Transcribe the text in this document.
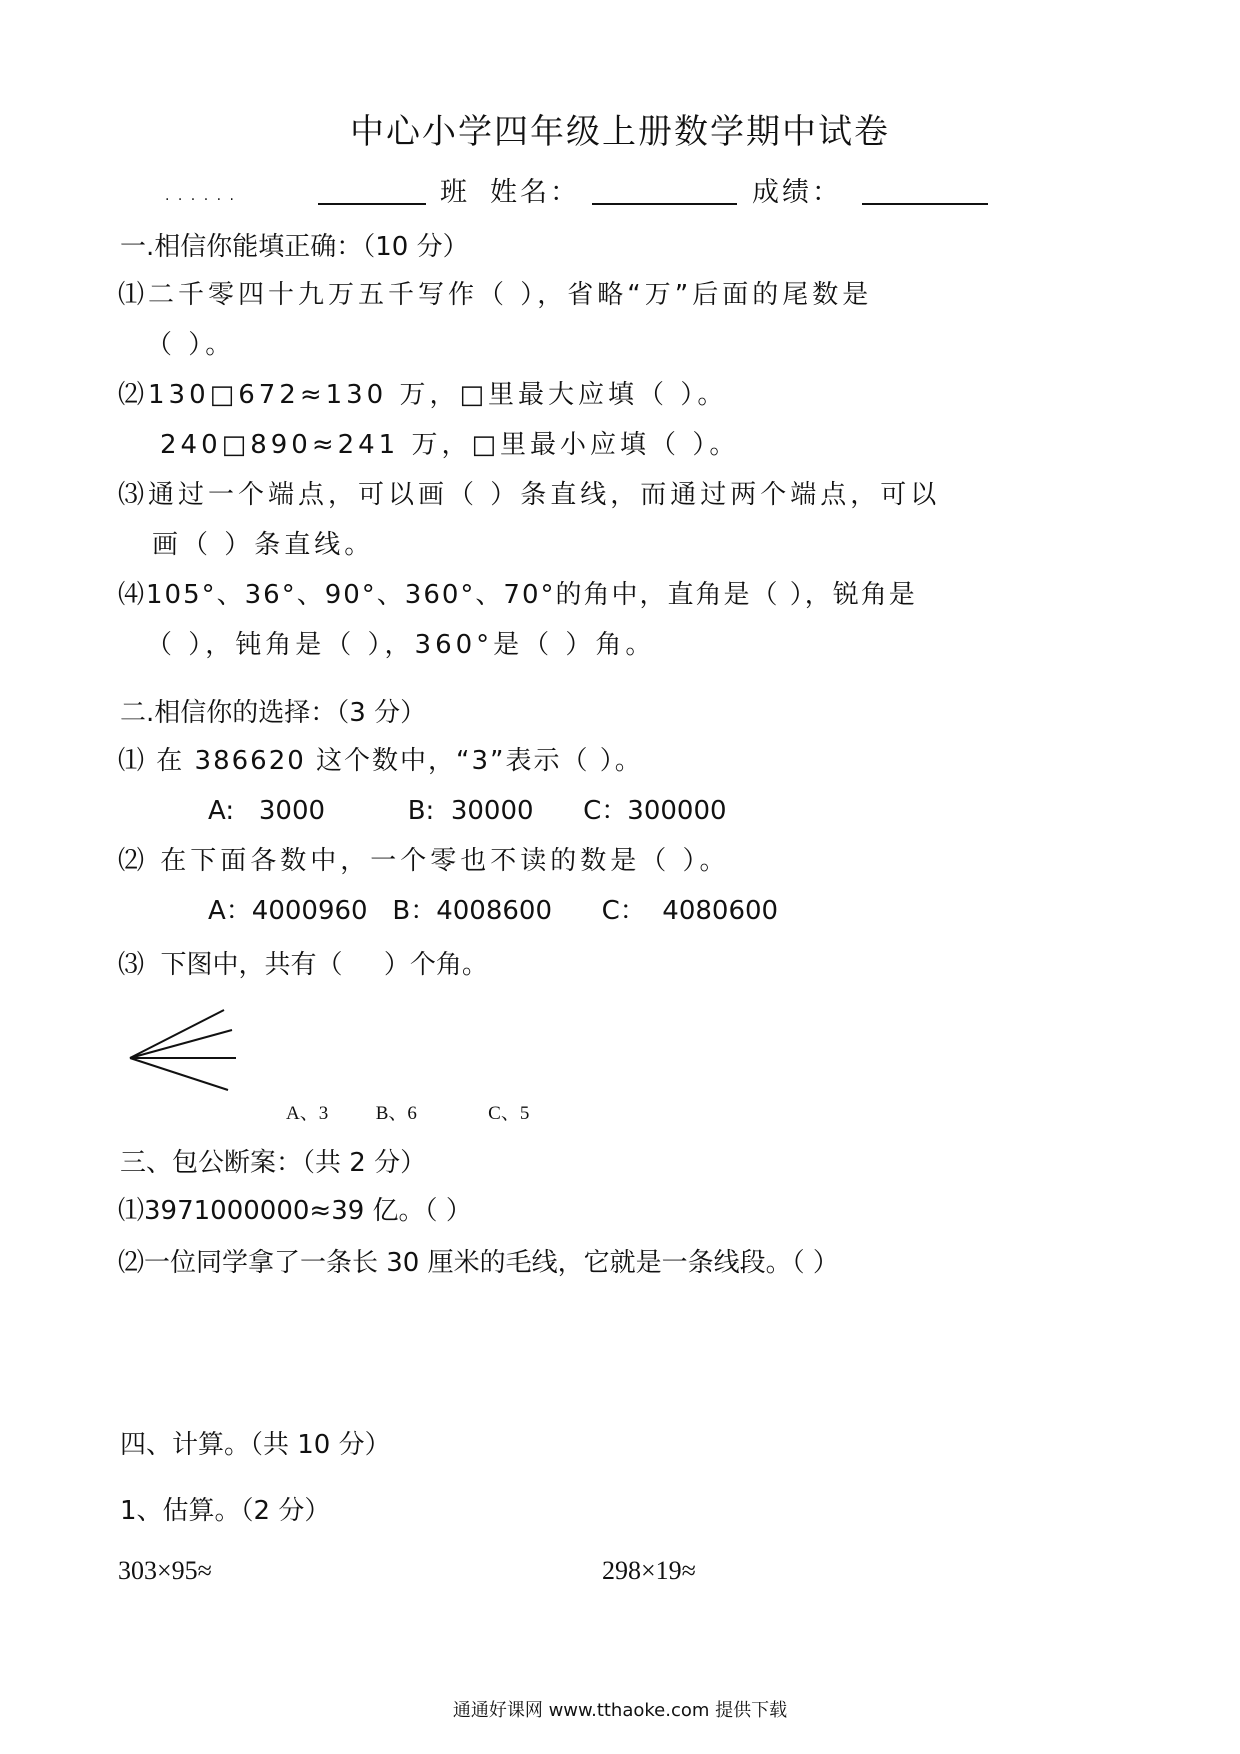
中心小学四年级上册数学期中试卷
. . . . . .	班 姓名：	成绩：
一.相信你能填正确：（10 分）
⑴二千零四十九万五千写作（ ），省略“万”后面的尾数是
（ ）。
⑵130□672≈130 万，□里最大应填（ ）。
240□890≈241 万，□里最小应填（ ）。
⑶通过一个端点，可以画（ ）条直线，而通过两个端点，可以
画（ ）条直线。
⑷105°、36°、90°、360°、70°的角中，直角是（ ），锐角是
（ ），钝角是（ ），360°是（ ）角。
二.相信你的选择：（3 分）
⑴ 在 386620 这个数中，“3”表示（ ）。
A:   3000          B:  30000      C：300000
⑵ 在下面各数中，一个零也不读的数是（ ）。
A：4000960   B：4008600      C：  4080600
⑶  下图中，共有（     ）个角。
A、3          B、6               C、5
三、包公断案：（共 2 分）
⑴3971000000≈39 亿。（ ）
⑵一位同学拿了一条长 30 厘米的毛线，它就是一条线段。（ ）
四、计算。（共 10 分）
1、估算。（2 分）
303×95≈	298×19≈
通通好课网 www.tthaoke.com 提供下载
